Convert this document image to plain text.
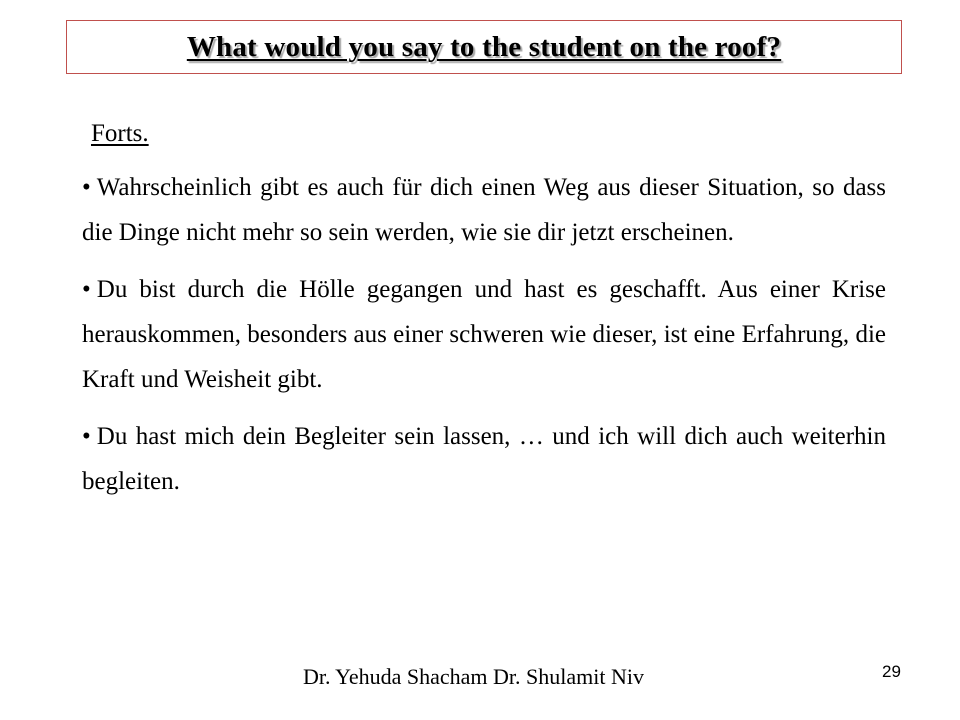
What would you say to the student on the roof?
Forts.
• Wahrscheinlich gibt es auch für dich einen Weg aus dieser Situation, so dass die Dinge nicht mehr so sein werden, wie sie dir jetzt erscheinen.
• Du bist durch die Hölle gegangen und hast es geschafft. Aus einer Krise herauskommen, besonders aus einer schweren wie dieser, ist eine Erfahrung, die Kraft und Weisheit gibt.
• Du hast mich dein Begleiter sein lassen, … und ich will dich auch weiterhin begleiten.
Dr. Yehuda Shacham Dr. Shulamit Niv	29
